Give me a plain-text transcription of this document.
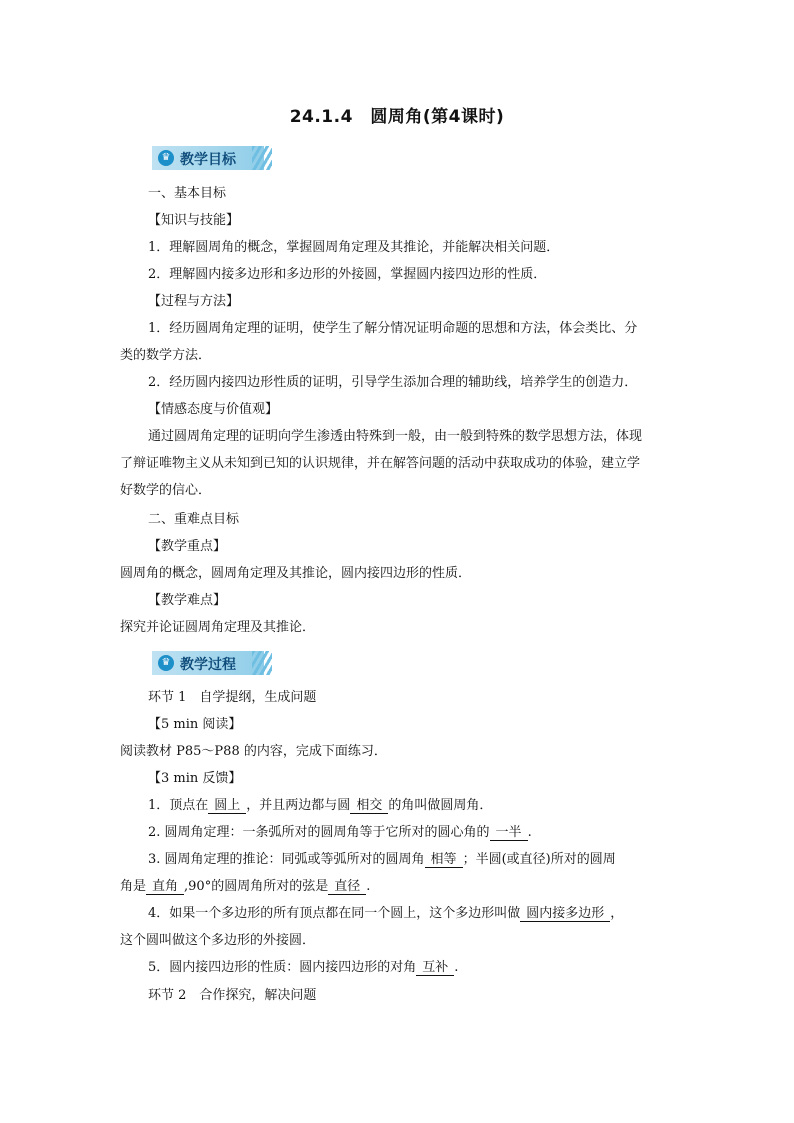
24.1.4　圆周角(第4课时)
♛ 教学目标
一、基本目标
【知识与技能】
1．理解圆周角的概念，掌握圆周角定理及其推论，并能解决相关问题．
2．理解圆内接多边形和多边形的外接圆，掌握圆内接四边形的性质．
【过程与方法】
1．经历圆周角定理的证明，使学生了解分情况证明命题的思想和方法，体会类比、分
类的数学方法．
2．经历圆内接四边形性质的证明，引导学生添加合理的辅助线，培养学生的创造力．
【情感态度与价值观】
通过圆周角定理的证明向学生渗透由特殊到一般，由一般到特殊的数学思想方法，体现
了辩证唯物主义从未知到已知的认识规律，并在解答问题的活动中获取成功的体验，建立学
好数学的信心．
二、重难点目标
【教学重点】
圆周角的概念，圆周角定理及其推论，圆内接四边形的性质．
【教学难点】
探究并论证圆周角定理及其推论．
♛ 教学过程
环节 1　自学提纲，生成问题
【5 min 阅读】
阅读教材 P85～P88 的内容，完成下面练习．
【3 min 反馈】
1．顶点在 圆上 ，并且两边都与圆 相交 的角叫做圆周角．
2. 圆周角定理：一条弧所对的圆周角等于它所对的圆心角的 一半 .
3. 圆周角定理的推论：同弧或等弧所对的圆周角 相等 ；半圆(或直径)所对的圆周
角是 直角 ,90°的圆周角所对的弦是 直径 .
4．如果一个多边形的所有顶点都在同一个圆上，这个多边形叫做 圆内接多边形 ，
这个圆叫做这个多边形的外接圆．
5．圆内接四边形的性质：圆内接四边形的对角 互补 .
环节 2　合作探究，解决问题
